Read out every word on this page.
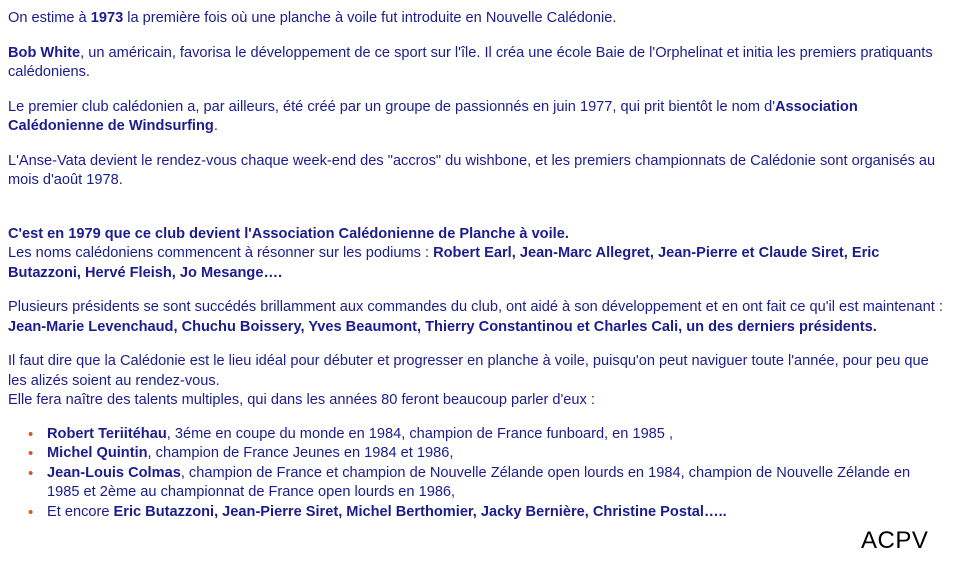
On estime à 1973 la première fois où une planche à voile fut introduite en Nouvelle Calédonie.

Bob White, un américain, favorisa le développement de ce sport sur l'île. Il créa une école Baie de l'Orphelinat et initia les premiers pratiquants calédoniens.

Le premier club calédonien a, par ailleurs, été créé par un groupe de passionnés en juin 1977, qui prit bientôt le nom d'Association Calédonienne de Windsurfing.

L'Anse-Vata devient le rendez-vous chaque week-end des "accros" du wishbone, et les premiers championnats de Calédonie sont organisés au mois d'août 1978.

C'est en 1979 que ce club devient l'Association Calédonienne de Planche à voile.

Les noms calédoniens commencent à résonner sur les podiums : Robert Earl, Jean-Marc Allegret, Jean-Pierre et Claude Siret, Eric Butazzoni, Hervé Fleish, Jo Mesange….

Plusieurs présidents se sont succédés brillamment aux commandes du club, ont aidé à son développement et en ont fait ce qu'il est maintenant : Jean-Marie Levenchaud, Chuchu Boissery, Yves Beaumont, Thierry Constantinou et Charles Cali, un des derniers présidents.

Il faut dire que la Calédonie est le lieu idéal pour débuter et progresser en planche à voile, puisqu'on peut naviguer toute l'année, pour peu que les alizés soient au rendez-vous.

Elle fera naître des talents multiples, qui dans les années 80 feront beaucoup parler d'eux :

• Robert Teriitéhau, 3éme en coupe du monde en 1984, champion de France funboard, en 1985 ,
• Michel Quintin, champion de France Jeunes en 1984 et 1986,
• Jean-Louis Colmas, champion de France et champion de Nouvelle Zélande open lourds en 1984, champion de Nouvelle Zélande en 1985 et 2ème au championnat de France open lourds en 1986,
• Et encore Eric Butazzoni, Jean-Pierre Siret, Michel Berthomier, Jacky Bernière, Christine Postal…..
ACPV
